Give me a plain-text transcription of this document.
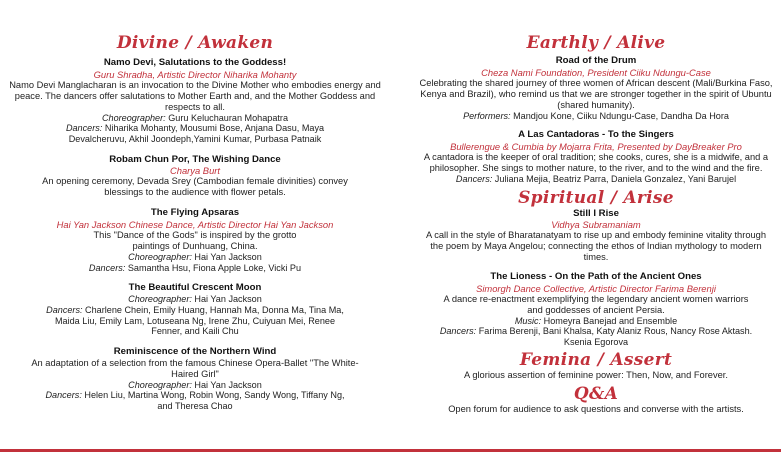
Divine / Awaken
Namo Devi, Salutations to the Goddess!
Guru Shradha, Artistic Director Niharika Mohanty
Namo Devi Manglacharan is an invocation to the Divine Mother who embodies energy and peace. The dancers offer salutations to Mother Earth and, and the Mother Goddess and respects to all.
Choreographer: Guru Keluchauran Mohapatra
Dancers: Niharika Mohanty, Mousumi Bose, Anjana Dasu, Maya Devalcheruvu, Akhil Joondeph,Yamini Kumar, Purbasa Patnaik
Robam Chun Por, The Wishing Dance
Charya Burt
An opening ceremony, Devada Srey (Cambodian female divinities) convey blessings to the audience with flower petals.
The Flying Apsaras
Hai Yan Jackson Chinese Dance, Artistic Director Hai Yan Jackson
This "Dance of the Gods" is inspired by the grotto paintings of Dunhuang, China.
Choreographer: Hai Yan Jackson
Dancers: Samantha Hsu, Fiona Apple Loke, Vicki Pu
The Beautiful Crescent Moon
Choreographer: Hai Yan Jackson
Dancers: Charlene Chein, Emily Huang, Hannah Ma, Donna Ma, Tina Ma, Maida Liu, Emily Lam, Lotuseana Ng, Irene Zhu, Cuiyuan Mei, Renee Fenner, and Kaili Chu
Reminiscence of the Northern Wind
An adaptation of a selection from the famous Chinese Opera-Ballet "The White-Haired Girl"
Choreographer: Hai Yan Jackson
Dancers: Helen Liu, Martina Wong, Robin Wong, Sandy Wong, Tiffany Ng, and Theresa Chao
Earthly / Alive
Road of the Drum
Cheza Nami Foundation, President Ciiku Ndungu-Case
Celebrating the shared journey of three women of African descent (Mali/Burkina Faso, Kenya and Brazil), who remind us that we are stronger together in the spirit of Ubuntu (shared humanity).
Performers: Mandjou Kone, Ciiku Ndungu-Case, Dandha Da Hora
A Las Cantadoras - To the Singers
Bullerengue & Cumbia by Mojarra Frita, Presented by DayBreaker Pro
A cantadora is the keeper of oral tradition; she cooks, cures, she is a midwife, and a philosopher. She sings to mother nature, to the river, and to the wind and the fire.
Dancers: Juliana Mejia, Beatriz Parra, Daniela Gonzalez, Yani Barujel
Spiritual / Arise
Still I Rise
Vidhya Subramaniam
A call in the style of Bharatanatyam to rise up and embody feminine vitality through the poem by Maya Angelou; connecting the ethos of Indian mythology to modern times.
The Lioness - On the Path of the Ancient Ones
Simorgh Dance Collective, Artistic Director Farima Berenji
A dance re-enactment exemplifying the legendary ancient women warriors and goddesses of ancient Persia.
Music: Homeyra Banejad and Ensemble
Dancers: Farima Berenji, Bani Khalsa, Katy Alaniz Rous, Nancy Rose Aktash. Ksenia Egorova
Femina / Assert
A glorious assertion of feminine power: Then, Now, and Forever.
Q&A
Open forum for audience to ask questions and converse with the artists.
